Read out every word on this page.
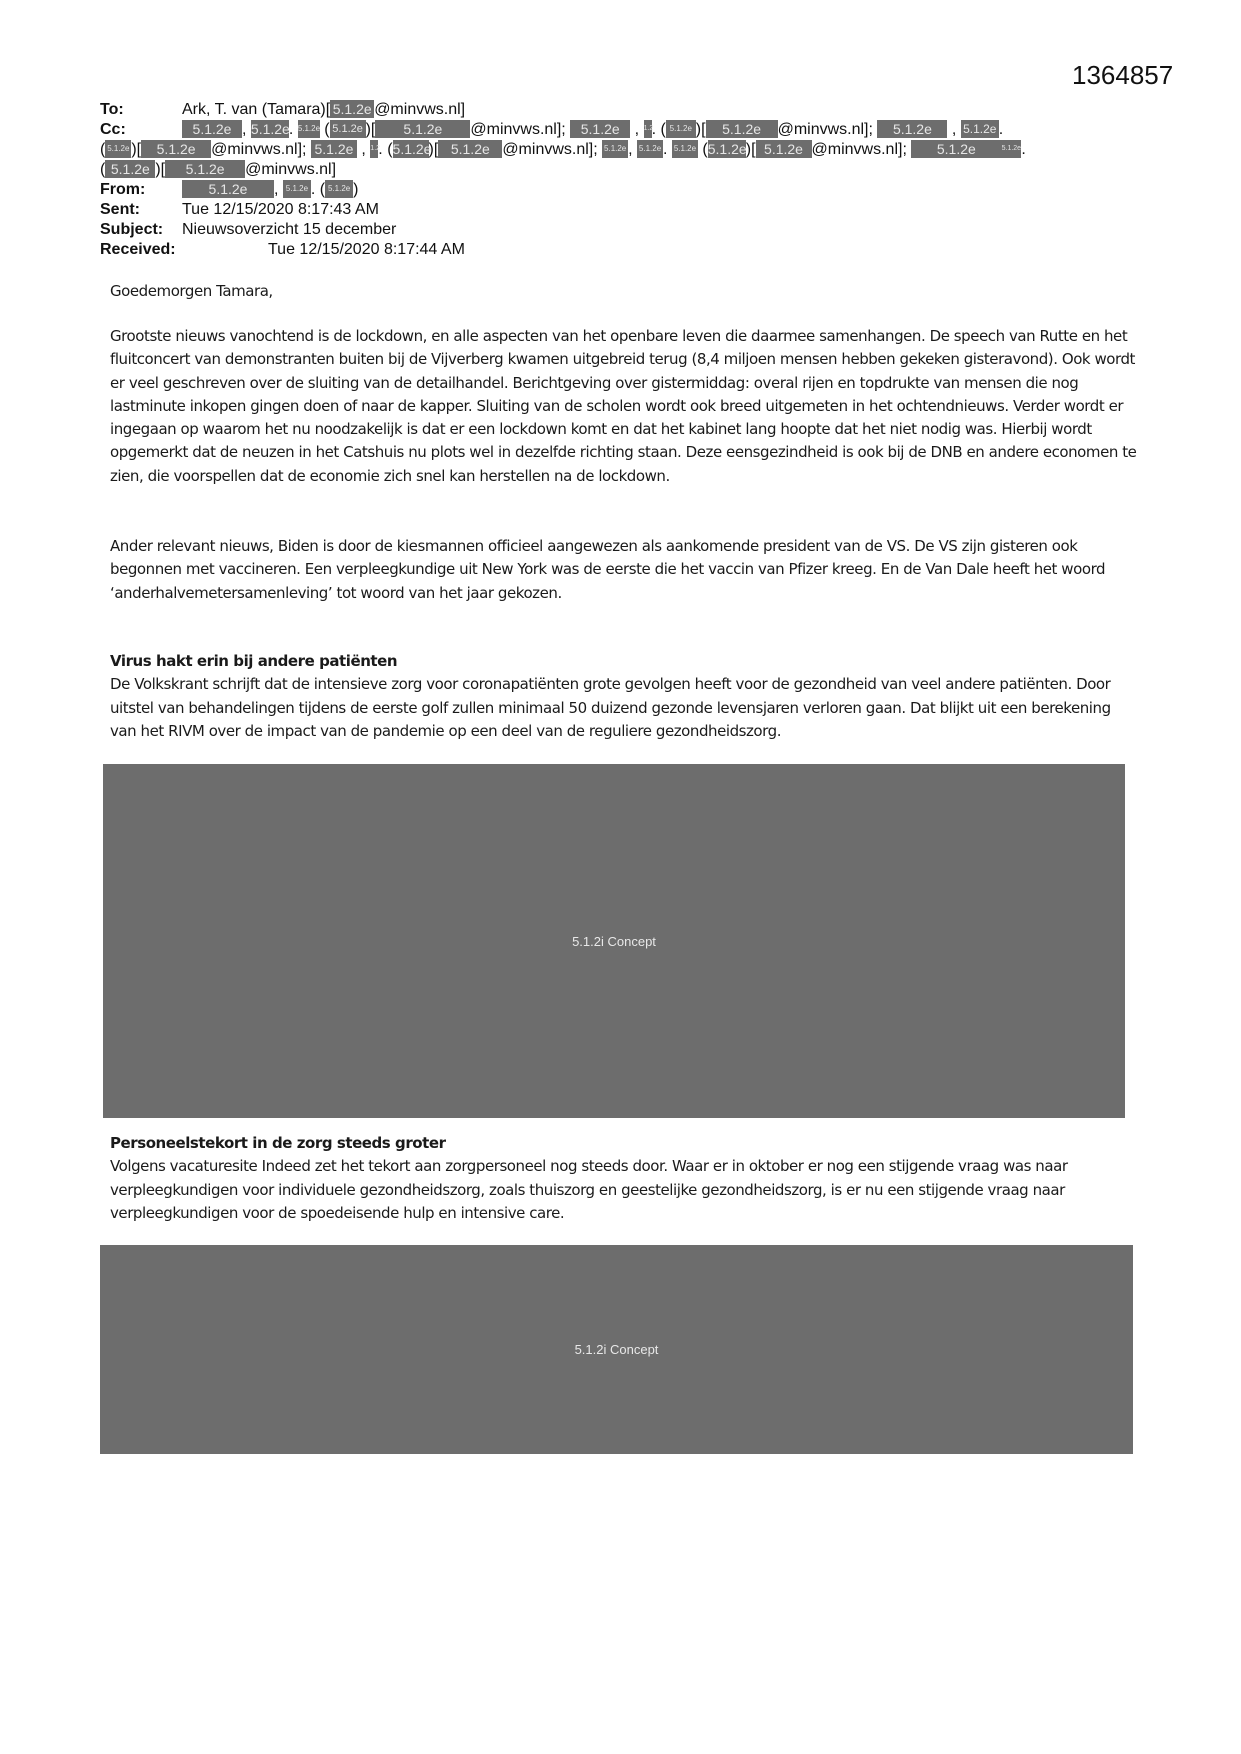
1364857
To:	Ark, T. van (Tamara)[ 5.1.2e @minvws.nl]
Cc:	5.1.2e , 5.1.2e. 5.1.2e ( 5.1.2e )[ 5.1.2e @minvws.nl]; 5.1.2e , 1.2. ( 5.1.2e )[ 5.1.2e @minvws.nl]; 5.1.2e , 5.1.2e .
( 5.1.2e )[ 5.1.2e @minvws.nl]; 5.1.2e , 1.2. (5.1.2e)[ 5.1.2e @minvws.nl]; 5.1.2e , 5.1.2e . 5.1.2e (5.1.2e)[ 5.1.2e @minvws.nl]; 5.1.2e	5.1.2e.
( 5.1.2e )[ 5.1.2e @minvws.nl]
From:	5.1.2e , 5.1.2e . ( 5.1.2e )
Sent:	Tue 12/15/2020 8:17:43 AM
Subject: Nieuwsoverzicht 15 december
Received:	Tue 12/15/2020 8:17:44 AM

Goedemorgen Tamara,

Grootste nieuws vanochtend is de lockdown, en alle aspecten van het openbare leven die daarmee samenhangen. De speech van Rutte en het fluitconcert van demonstranten buiten bij de Vijverberg kwamen uitgebreid terug (8,4 miljoen mensen hebben gekeken gisteravond). Ook wordt er veel geschreven over de sluiting van de detailhandel. Berichtgeving over gistermiddag: overal rijen en topdrukte van mensen die nog lastminute inkopen gingen doen of naar de kapper. Sluiting van de scholen wordt ook breed uitgemeten in het ochtendnieuws. Verder wordt er ingegaan op waarom het nu noodzakelijk is dat er een lockdown komt en dat het kabinet lang hoopte dat het niet nodig was. Hierbij wordt opgemerkt dat de neuzen in het Catshuis nu plots wel in dezelfde richting staan. Deze eensgezindheid is ook bij de DNB en andere economen te zien, die voorspellen dat de economie zich snel kan herstellen na de lockdown.

Ander relevant nieuws, Biden is door de kiesmannen officieel aangewezen als aankomende president van de VS. De VS zijn gisteren ook begonnen met vaccineren. Een verpleegkundige uit New York was de eerste die het vaccin van Pfizer kreeg. En de Van Dale heeft het woord ‘anderhalvemetersamenleving’ tot woord van het jaar gekozen.

Virus hakt erin bij andere patiënten

De Volkskrant schrijft dat de intensieve zorg voor coronapatiënten grote gevolgen heeft voor de gezondheid van veel andere patiënten. Door uitstel van behandelingen tijdens de eerste golf zullen minimaal 50 duizend gezonde levensjaren verloren gaan. Dat blijkt uit een berekening van het RIVM over de impact van de pandemie op een deel van de reguliere gezondheidszorg.

5.1.2i Concept
Personeelstekort in de zorg steeds groter

Volgens vacaturesite Indeed zet het tekort aan zorgpersoneel nog steeds door. Waar er in oktober er nog een stijgende vraag was naar verpleegkundigen voor individuele gezondheidszorg, zoals thuiszorg en geestelijke gezondheidszorg, is er nu een stijgende vraag naar verpleegkundigen voor de spoedeisende hulp en intensive care.

5.1.2i Concept
